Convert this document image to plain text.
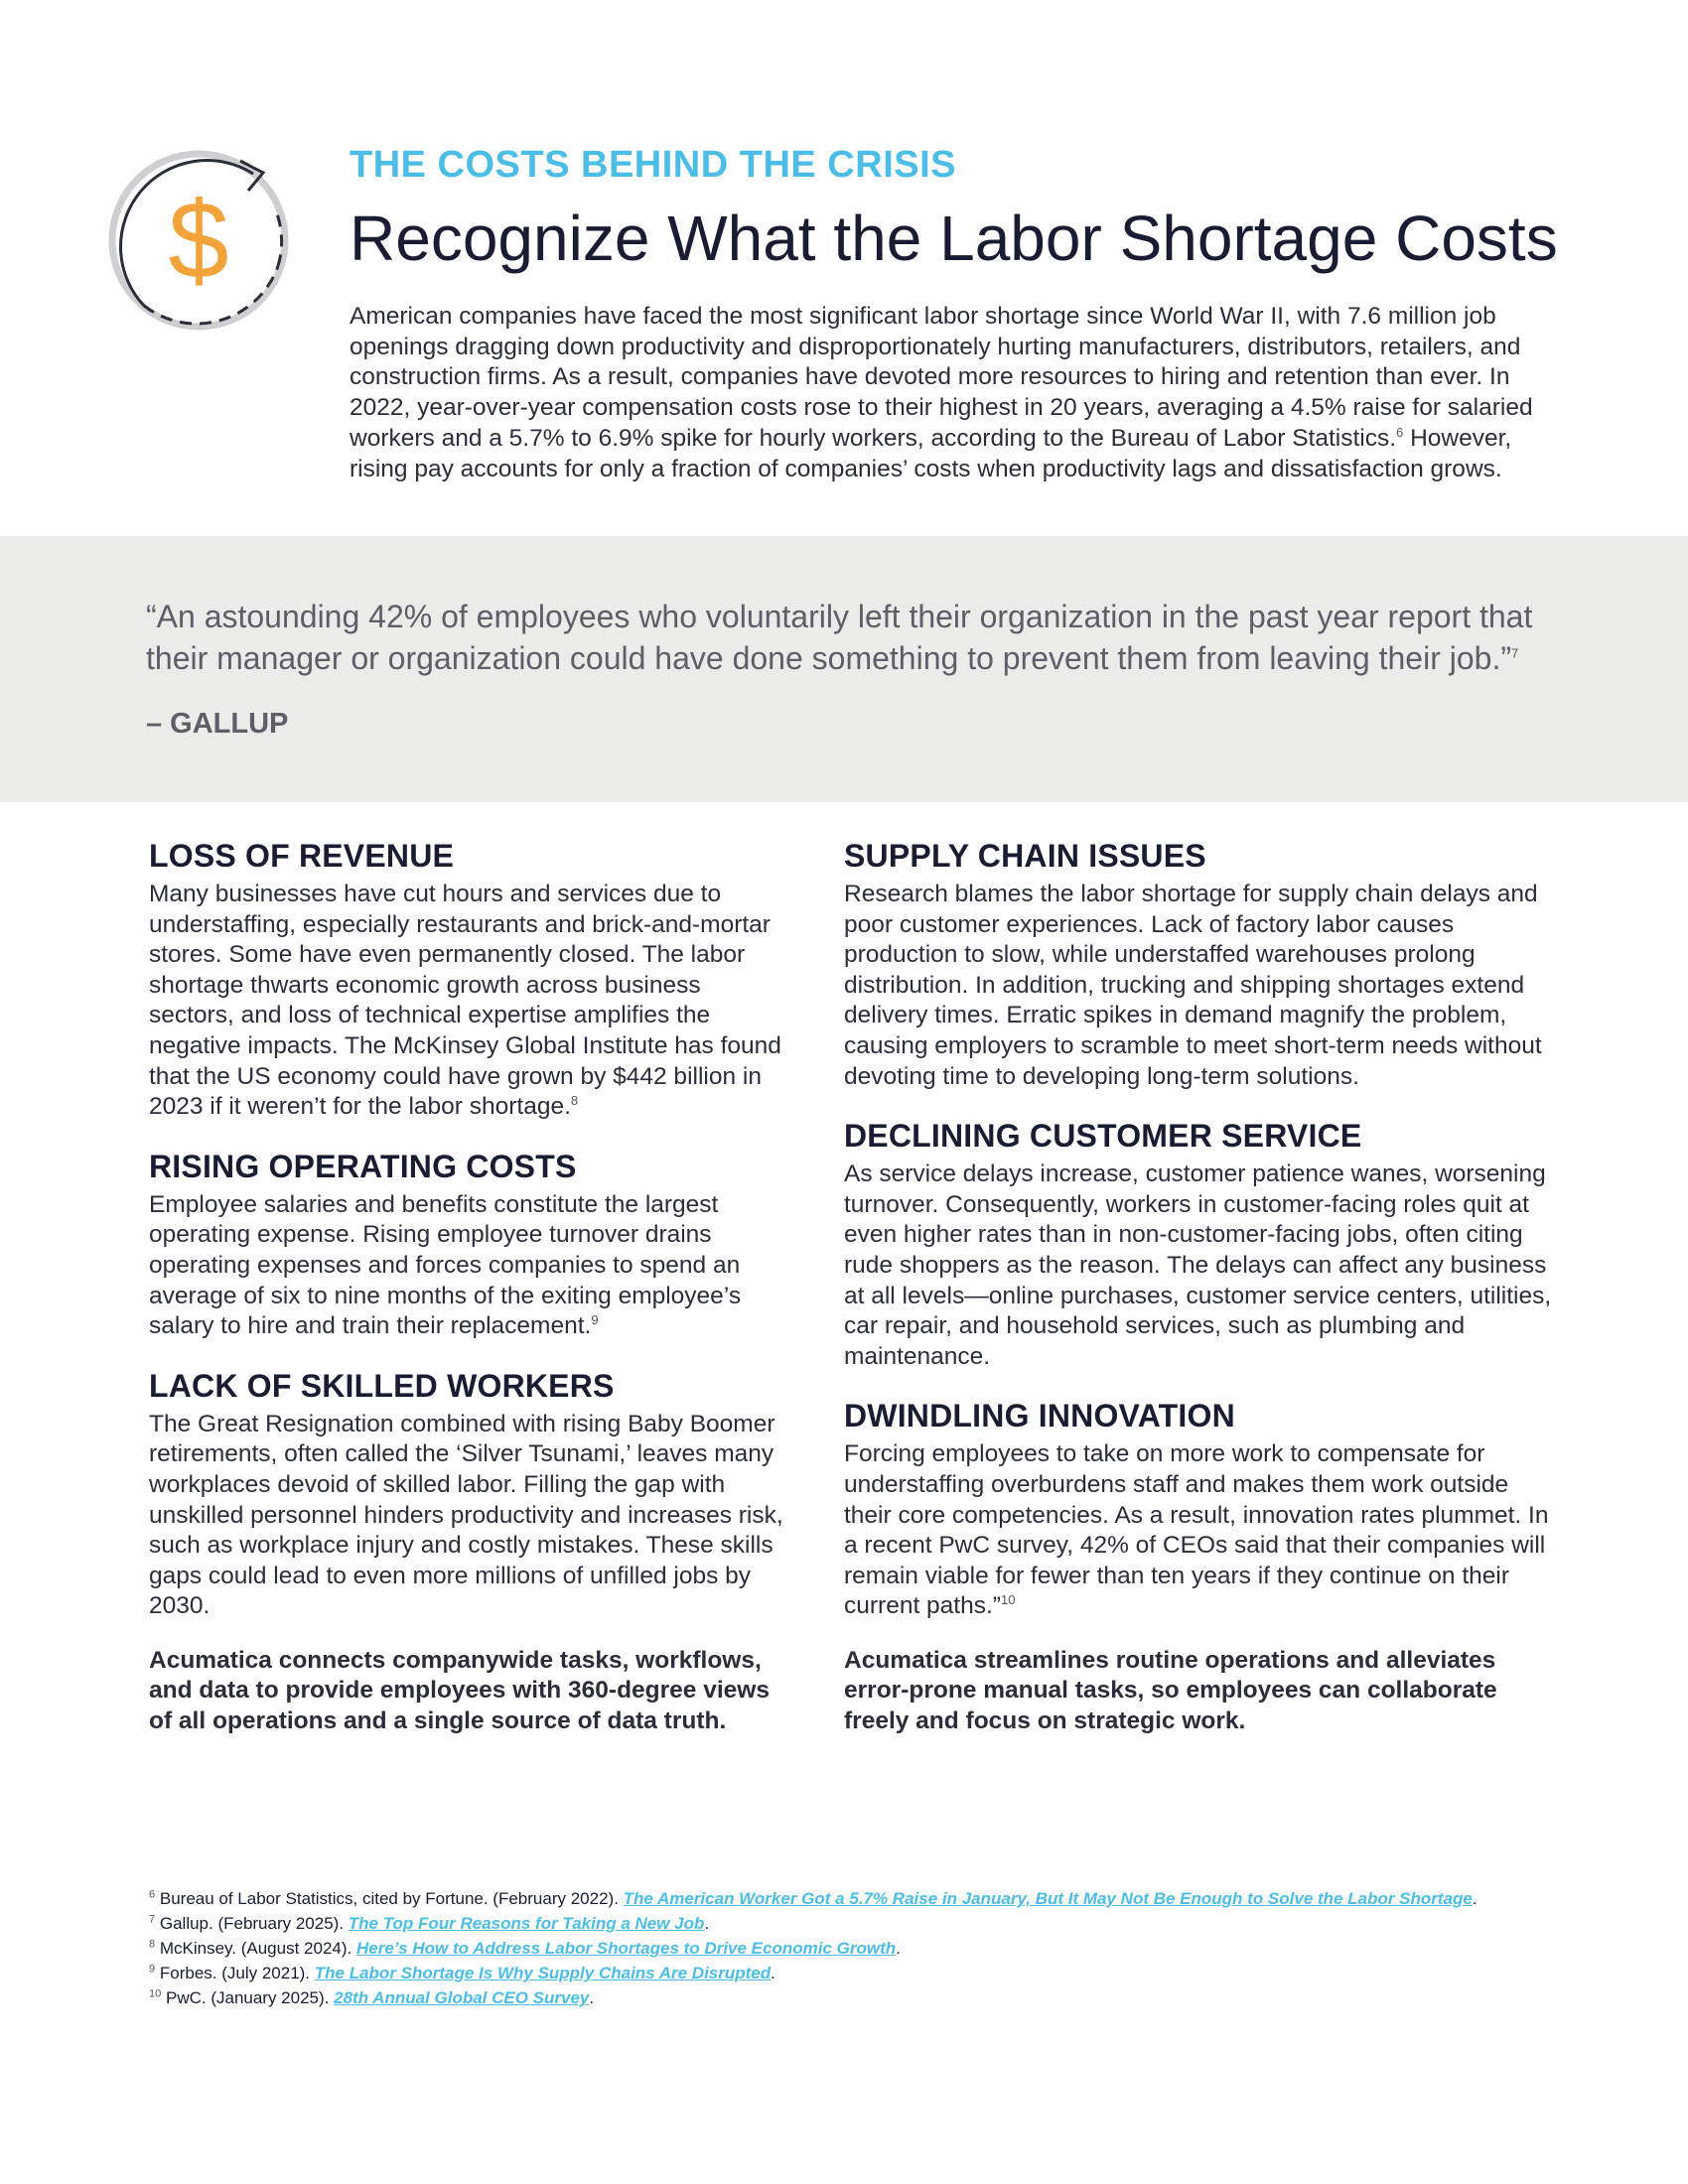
$
THE COSTS BEHIND THE CRISIS
Recognize What the Labor Shortage Costs

American companies have faced the most significant labor shortage since World War II, with 7.6 million job openings dragging down productivity and disproportionately hurting manufacturers, distributors, retailers, and construction firms. As a result, companies have devoted more resources to hiring and retention than ever. In 2022, year-over-year compensation costs rose to their highest in 20 years, averaging a 4.5% raise for salaried workers and a 5.7% to 6.9% spike for hourly workers, according to the Bureau of Labor Statistics.$^6$ However, rising pay accounts for only a fraction of companies’ costs when productivity lags and dissatisfaction grows.

“An astounding 42% of employees who voluntarily left their organization in the past year report that their manager or organization could have done something to prevent them from leaving their job.”$^7$

– GALLUP
LOSS OF REVENUE

Many businesses have cut hours and services due to understaffing, especially restaurants and brick-and-mortar stores. Some have even permanently closed. The labor shortage thwarts economic growth across business sectors, and loss of technical expertise amplifies the negative impacts. The McKinsey Global Institute has found that the US economy could have grown by $442 billion in 2023 if it weren’t for the labor shortage.$^8$

RISING OPERATING COSTS

Employee salaries and benefits constitute the largest operating expense. Rising employee turnover drains operating expenses and forces companies to spend an average of six to nine months of the exiting employee’s salary to hire and train their replacement.$^9$

LACK OF SKILLED WORKERS

The Great Resignation combined with rising Baby Boomer retirements, often called the ‘Silver Tsunami,’ leaves many workplaces devoid of skilled labor. Filling the gap with unskilled personnel hinders productivity and increases risk, such as workplace injury and costly mistakes. These skills gaps could lead to even more millions of unfilled jobs by 2030.

Acumatica connects companywide tasks, workflows, and data to provide employees with 360-degree views of all operations and a single source of data truth.

SUPPLY CHAIN ISSUES

Research blames the labor shortage for supply chain delays and poor customer experiences. Lack of factory labor causes production to slow, while understaffed warehouses prolong distribution. In addition, trucking and shipping shortages extend delivery times. Erratic spikes in demand magnify the problem, causing employers to scramble to meet short-term needs without devoting time to developing long-term solutions.

DECLINING CUSTOMER SERVICE

As service delays increase, customer patience wanes, worsening turnover. Consequently, workers in customer-facing roles quit at even higher rates than in non-customer-facing jobs, often citing rude shoppers as the reason. The delays can affect any business at all levels—online purchases, customer service centers, utilities, car repair, and household services, such as plumbing and maintenance.

DWINDLING INNOVATION

Forcing employees to take on more work to compensate for understaffing overburdens staff and makes them work outside their core competencies. As a result, innovation rates plummet. In a recent PwC survey, 42% of CEOs said that their companies will remain viable for fewer than ten years if they continue on their current paths.”$^{10}$

Acumatica streamlines routine operations and alleviates error-prone manual tasks, so employees can collaborate freely and focus on strategic work.

$^6$ Bureau of Labor Statistics, cited by Fortune. (February 2022). The American Worker Got a 5.7% Raise in January, But It May Not Be Enough to Solve the Labor Shortage.
$^7$ Gallup. (February 2025). The Top Four Reasons for Taking a New Job.
$^8$ McKinsey. (August 2024). Here’s How to Address Labor Shortages to Drive Economic Growth.
$^9$ Forbes. (July 2021). The Labor Shortage Is Why Supply Chains Are Disrupted.
$^{10}$ PwC. (January 2025). 28th Annual Global CEO Survey.
